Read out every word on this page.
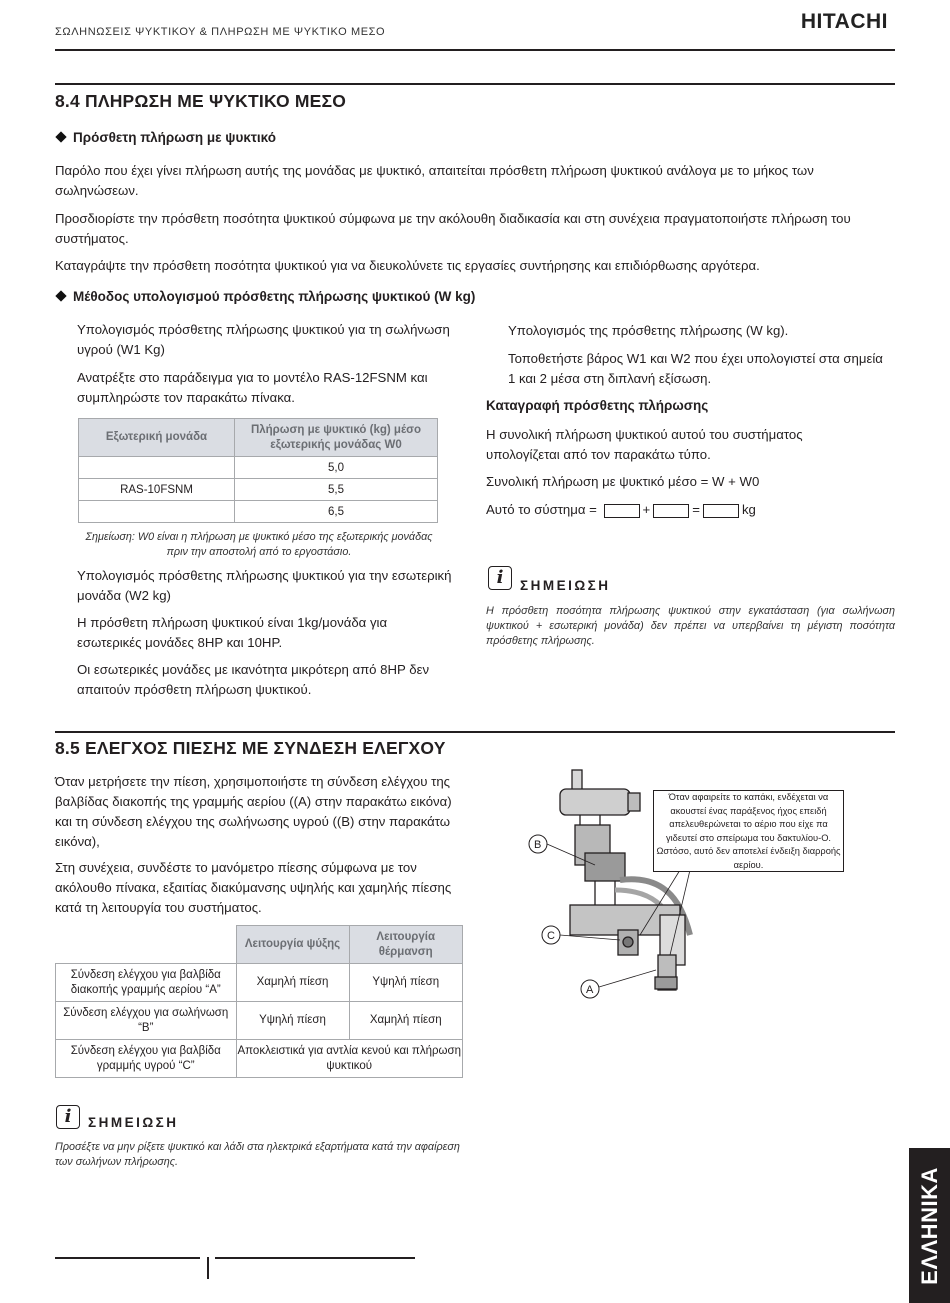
ΣΩΛΗΝΩΣΕΙΣ ΨΥΚΤΙΚΟΥ & ΠΛΗΡΩΣΗ ΜΕ ΨΥΚΤΙΚΟ ΜΕΣΟ	HITACHI
8.4 ΠΛΗΡΩΣΗ ΜΕ ΨΥΚΤΙΚΟ ΜΕΣΟ
Πρόσθετη πλήρωση με ψυκτικό

Παρόλο που έχει γίνει πλήρωση αυτής της μονάδας με ψυκτικό, απαιτείται πρόσθετη πλήρωση ψυκτικού ανάλογα με το μήκος των σωληνώσεων.

Προσδιορίστε την πρόσθετη ποσότητα ψυκτικού σύμφωνα με την ακόλουθη διαδικασία και στη συνέχεια πραγματοποιήστε πλήρωση του συστήματος.

Καταγράψτε την πρόσθετη ποσότητα ψυκτικού για να διευκολύνετε τις εργασίες συντήρησης και επιδιόρθωσης αργότερα.

Μέθοδος υπολογισμού πρόσθετης πλήρωσης ψυκτικού (W kg)

Υπολογισμός πρόσθετης πλήρωσης ψυκτικού για τη σωλήνωση υγρού (W1 Kg)

Ανατρέξτε στο παράδειγμα για το μοντέλο RAS-12FSNM και συμπληρώστε τον παρακάτω πίνακα.

Εξωτερική μονάδα	Πλήρωση με ψυκτικό (kg) μέσο εξωτερικής μονάδας W0
	5,0
RAS-10FSNM	5,5
	6,5

Σημείωση: W0 είναι η πλήρωση με ψυκτικό μέσο της εξωτερικής μονάδας πριν την αποστολή από το εργοστάσιο.

Υπολογισμός πρόσθετης πλήρωσης ψυκτικού για την εσωτερική μονάδα (W2 kg)

Η πρόσθετη πλήρωση ψυκτικού είναι 1kg/μονάδα για εσωτερικές μονάδες 8HP και 10HP.

Οι εσωτερικές μονάδες με ικανότητα μικρότερη από 8HP δεν απαιτούν πρόσθετη πλήρωση ψυκτικού.

Υπολογισμός της πρόσθετης πλήρωσης (W kg).

Τοποθετήστε βάρος W1 και W2 που έχει υπολογιστεί στα σημεία 1 και 2 μέσα στη διπλανή εξίσωση.

Καταγραφή πρόσθετης πλήρωσης

Η συνολική πλήρωση ψυκτικού αυτού του συστήματος υπολογίζεται από τον παρακάτω τύπο.

Συνολική πλήρωση με ψυκτικό μέσο = W + W0

Αυτό το σύστημα =	+	=	kg

i	ΣΗΜΕΙΩΣΗ

Η πρόσθετη ποσότητα πλήρωσης ψυκτικού στην εγκατάσταση (για σωλήνωση ψυκτικού + εσωτερική μονάδα) δεν πρέπει να υπερβαίνει τη μέγιστη ποσότητα πρόσθετης πλήρωσης.

8.5 ΕΛΕΓΧΟΣ ΠΙΕΣΗΣ ΜΕ ΣΥΝΔΕΣΗ ΕΛΕΓΧΟΥ

Όταν μετρήσετε την πίεση, χρησιμοποιήστε τη σύνδεση ελέγχου της βαλβίδας διακοπής της γραμμής αερίου ((A) στην παρακάτω εικόνα) και τη σύνδεση ελέγχου της σωλήνωσης υγρού ((B) στην παρακάτω εικόνα),

Στη συνέχεια, συνδέστε το μανόμετρο πίεσης σύμφωνα με τον ακόλουθο πίνακα, εξαιτίας διακύμανσης υψηλής και χαμηλής πίεσης κατά τη λειτουργία του συστήματος.

	Λειτουργία ψύξης	Λειτουργία θέρμανση
Σύνδεση ελέγχου για βαλβίδα διακοπής γραμμής αερίου “A”	Χαμηλή πίεση	Υψηλή πίεση
Σύνδεση ελέγχου για σωλήνωση “B”	Υψηλή πίεση	Χαμηλή πίεση
Σύνδεση ελέγχου για βαλβίδα γραμμής υγρού “C”	Αποκλειστικά για αντλία κενού και πλήρωση ψυκτικού	
B
C
A
Όταν αφαιρείτε το καπάκι, ενδέχεται να ακουστεί ένας παράξενος ήχος επειδή απελευθερώνεται το αέριο που είχε πα γιδευτεί στο σπείρωμα του δακτυλίου-O. Ωστόσο, αυτό δεν αποτελεί ένδειξη διαρροής αερίου.
i	ΣΗΜΕΙΩΣΗ

Προσέξτε να μην ρίξετε ψυκτικό και λάδι στα ηλεκτρικά εξαρτήματα κατά την αφαίρεση των σωλήνων πλήρωσης.

ΕΛΛΗΝΙΚΑ
